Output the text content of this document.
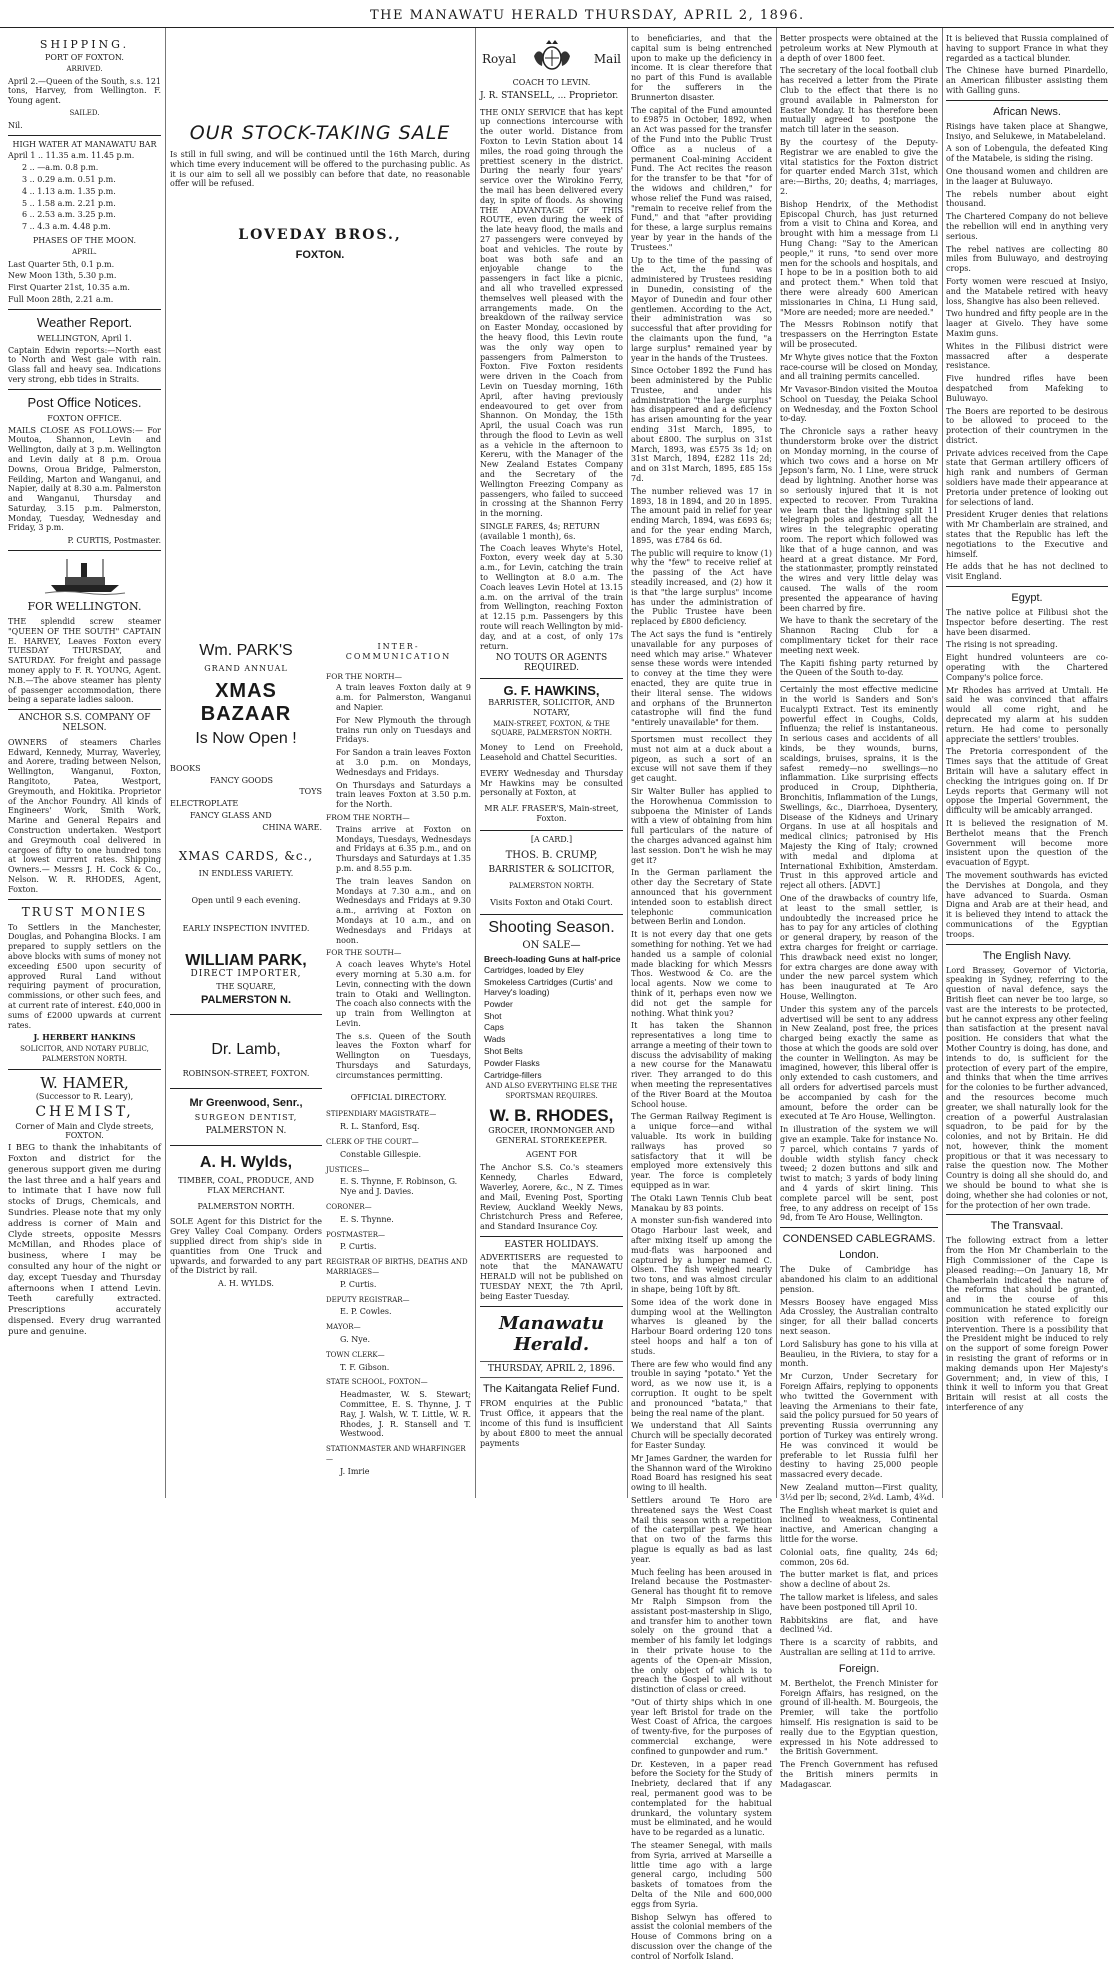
THE MANAWATU HERALD THURSDAY, APRIL 2, 1896.
SHIPPING.
PORT OF FOXTON.
ARRIVED.
April 2.—Queen of the South, s.s. 121 tons, Harvey, from Wellington. F. Young agent.
SAILED.
Nil.
HIGH WATER AT MANAWATU BAR
April 1 .. 11.35 a.m. 11.45 p.m.
2 .. —a.m. 0.8 p.m.
3 .. 0.29 a.m. 0.51 p.m.
4 .. 1.13 a.m. 1.35 p.m.
5 .. 1.58 a.m. 2.21 p.m.
6 .. 2.53 a.m. 3.25 p.m.
7 .. 4.3 a.m. 4.48 p.m.
PHASES OF THE MOON.
APRIL.
Last Quarter 5th, 0.1 p.m.
New Moon 13th, 5.30 p.m.
First Quarter 21st, 10.35 a.m.
Full Moon 28th, 2.21 a.m.
Weather Report.
WELLINGTON, April 1.
Captain Edwin reports:—North east to North and West gale with rain. Glass fall and heavy sea. Indications very strong, ebb tides in Straits.
Post Office Notices.
FOXTON OFFICE.
MAILS CLOSE AS FOLLOWS:— For Moutoa, Shannon, Levin and Wellington, daily at 3 p.m. Wellington and Levin daily at 8 p.m. Oroua Downs, Oroua Bridge, Palmerston, Feilding, Marton and Wanganui, and Napier, daily at 8.30 a.m. Palmerston and Wanganui, Thursday and Saturday, 3.15 p.m. Palmerston, Monday, Tuesday, Wednesday and Friday, 3 p.m.
P. CURTIS, Postmaster.
FOR WELLINGTON.
THE splendid screw steamer "QUEEN OF THE SOUTH" CAPTAIN E. HARVEY, Leaves Foxton every TUESDAY THURSDAY, and SATURDAY. For freight and passage money apply to F. R. YOUNG, Agent. N.B.—The above steamer has plenty of passenger accommodation, there being a separate ladies saloon.
ANCHOR S.S. COMPANY OF NELSON.
OWNERS of steamers Charles Edward, Kennedy, Murray, Waverley, and Aorere, trading between Nelson, Wellington, Wanganui, Foxton, Rangitoto, Patea, Westport, Greymouth, and Hokitika. Proprietor of the Anchor Foundry. All kinds of Engineers' Work, Smith Work, Marine and General Repairs and Construction undertaken. Westport and Greymouth coal delivered in cargoes of fifty to one hundred tons at lowest current rates. Shipping Owners.— Messrs J. H. Cock & Co., Nelson. W. R. RHODES, Agent, Foxton.
TRUST MONIES
To Settlers in the Manchester, Douglas, and Pohangina Blocks. I am prepared to supply settlers on the above blocks with sums of money not exceeding £500 upon security of approved Rural Land without requiring payment of procuration, commissions, or other such fees, and at current rate of interest. £40,000 in sums of £2000 upwards at current rates.
J. HERBERT HANKINS
SOLICITOR, AND NOTARY PUBLIC, PALMERSTON NORTH.
W. HAMER,
(Successor to R. Leary),
CHEMIST,
Corner of Main and Clyde streets, FOXTON.
I BEG to thank the inhabitants of Foxton and district for the generous support given me during the last three and a half years and to intimate that I have now full stocks of Drugs, Chemicals, and Sundries. Please note that my only address is corner of Main and Clyde streets, opposite Messrs McMillan, and Rhodes place of business, where I may be consulted any hour of the night or day, except Tuesday and Thursday afternoons when I attend Levin. Teeth carefully extracted. Prescriptions accurately dispensed. Every drug warranted pure and genuine.
OUR STOCK-TAKING SALE
Is still in full swing, and will be continued until the 16th March, during which time every inducement will be offered to the purchasing public. As it is our aim to sell all we possibly can before that date, no reasonable offer will be refused.
LOVEDAY BROS.,
FOXTON.
Wm. PARK'S
GRAND ANNUAL
XMAS BAZAAR
Is Now Open !
BOOKS
FANCY GOODS
TOYS
ELECTROPLATE
FANCY GLASS AND
CHINA WARE.
XMAS CARDS, &c.,
IN ENDLESS VARIETY.
Open until 9 each evening.
EARLY INSPECTION INVITED.
WILLIAM PARK,
DIRECT IMPORTER,
THE SQUARE,
PALMERSTON N.
Dr. Lamb,
ROBINSON-STREET, FOXTON.
Mr Greenwood, Senr.,
SURGEON DENTIST,
PALMERSTON N.
A. H. Wylds,
TIMBER, COAL, PRODUCE, AND FLAX MERCHANT.
PALMERSTON NORTH.
SOLE Agent for this District for the Grey Valley Coal Company. Orders supplied direct from ship's side in quantities from One Truck and upwards, and forwarded to any part of the District by rail.
A. H. WYLDS.
INTER-COMMUNICATION
FOR THE NORTH—
A train leaves Foxton daily at 9 a.m. for Palmerston, Wanganui and Napier.
For New Plymouth the through trains run only on Tuesdays and Fridays.
For Sandon a train leaves Foxton at 3.0 p.m. on Mondays, Wednesdays and Fridays.
On Thursdays and Saturdays a train leaves Foxton at 3.50 p.m. for the North.
FROM THE NORTH—
Trains arrive at Foxton on Mondays, Tuesdays, Wednesdays and Fridays at 6.35 p.m., and on Thursdays and Saturdays at 1.35 p.m. and 8.55 p.m.
The train leaves Sandon on Mondays at 7.30 a.m., and on Wednesdays and Fridays at 9.30 a.m., arriving at Foxton on Mondays at 10 a.m., and on Wednesdays and Fridays at noon.
FOR THE SOUTH—
A coach leaves Whyte's Hotel every morning at 5.30 a.m. for Levin, connecting with the down train to Otaki and Wellington. The coach also connects with the up train from Wellington at Levin.
The s.s. Queen of the South leaves the Foxton wharf for Wellington on Tuesdays, Thursdays and Saturdays, circumstances permitting.
OFFICIAL DIRECTORY.
STIPENDIARY MAGISTRATE—
R. L. Stanford, Esq.
CLERK OF THE COURT—
Constable Gillespie.
JUSTICES—
E. S. Thynne, F. Robinson, G. Nye and J. Davies.
CORONER—
E. S. Thynne.
POSTMASTER—
P. Curtis.
REGISTRAR OF BIRTHS, DEATHS AND MARRIAGES—
P. Curtis.
DEPUTY REGISTRAR—
E. P. Cowles.
MAYOR—
G. Nye.
TOWN CLERK—
T. F. Gibson.
STATE SCHOOL, FOXTON—
Headmaster, W. S. Stewart; Committee, E. S. Thynne, J. T Ray, J. Walsh, W. T. Little, W. R. Rhodes, J. R. Stansell and T. Westwood.
STATIONMASTER AND WHARFINGER—
J. Imrie
Royal	Mail
COACH TO LEVIN.
J. R. STANSELL, ... Proprietor.
THE ONLY SERVICE that has kept up connections intercourse with the outer world. Distance from Foxton to Levin Station about 14 miles, the road going through the prettiest scenery in the district. During the nearly four years' service over the Wirokino Ferry, the mail has been delivered every day, in spite of floods. As showing THE ADVANTAGE OF THIS ROUTE, even during the week of the late heavy flood, the mails and 27 passengers were conveyed by boat and vehicles. The route by boat was both safe and an enjoyable change to the passengers in fact like a picnic, and all who travelled expressed themselves well pleased with the arrangements made. On the breakdown of the railway service on Easter Monday, occasioned by the heavy flood, this Levin route was the only way open to passengers from Palmerston to Foxton. Five Foxton residents were driven in the Coach from Levin on Tuesday morning, 16th April, after having previously endeavoured to get over from Shannon. On Monday, the 15th April, the usual Coach was run through the flood to Levin as well as a vehicle in the afternoon to Kereru, with the Manager of the New Zealand Estates Company and the Secretary of the Wellington Freezing Company as passengers, who failed to succeed in crossing at the Shannon Ferry in the morning.
SINGLE FARES, 4s; RETURN (available 1 month), 6s.
The Coach leaves Whyte's Hotel, Foxton, every week day at 5.30 a.m., for Levin, catching the train to Wellington at 8.0 a.m. The Coach leaves Levin Hotel at 13.15 a.m. on the arrival of the train from Wellington, reaching Foxton at 12.15 p.m. Passengers by this route will reach Wellington by mid-day, and at a cost, of only 17s return.
NO TOUTS OR AGENTS REQUIRED.
G. F. HAWKINS,
BARRISTER, SOLICITOR, AND NOTARY,
MAIN-STREET, FOXTON, & THE SQUARE, PALMERSTON NORTH.
Money to Lend on Freehold, Leasehold and Chattel Securities.
EVERY Wednesday and Thursday Mr Hawkins may be consulted personally at Foxton, at
MR ALF. FRASER'S, Main-street, Foxton.
[A CARD.]
THOS. B. CRUMP,
BARRISTER & SOLICITOR,
PALMERSTON NORTH.
Visits Foxton and Otaki Court.
Shooting Season.
ON SALE—
Breech-loading Guns at half-price
Cartridges, loaded by Eley
Smokeless Cartridges (Curtis' and Harvey's loading)
Powder
Shot
Caps
Wads
Shot Belts
Powder Flasks
Cartridge-fillers
AND ALSO EVERYTHING ELSE THE SPORTSMAN REQUIRES.
W. B. RHODES,
GROCER, IRONMONGER AND GENERAL STOREKEEPER.
AGENT FOR
The Anchor S.S. Co.'s steamers Kennedy, Charles Edward, Waverley, Aorere, &c., N Z. Times and Mail, Evening Post, Sporting Review, Auckland Weekly News, Christchurch Press and Referee, and Standard Insurance Coy.
EASTER HOLIDAYS.
ADVERTISERS are requested to note that the MANAWATU HERALD will not be published on TUESDAY NEXT, the 7th April, being Easter Tuesday.
Manawatu Herald.
THURSDAY, APRIL 2, 1896.
The Kaitangata Relief Fund.
FROM enquiries at the Public Trust Office, it appears that the income of this fund is insufficient by about £800 to meet the annual payments
to beneficiaries, and that the capital sum is being entrenched upon to make up the deficiency in income. It is clear therefore that no part of this Fund is available for the sufferers in the Brunnerton disaster.
The capital of the Fund amounted to £9875 in October, 1892, when an Act was passed for the transfer of the Fund into the Public Trust Office as a nucleus of a permanent Coal-mining Accident Fund. The Act recites the reason for the transfer to be that "for of the widows and children," for whose relief the Fund was raised, "remain to receive relief from the Fund," and that "after providing for these, a large surplus remains year by year in the hands of the Trustees."
Up to the time of the passing of the Act, the fund was administered by Trustees residing in Dunedin, consisting of the Mayor of Dunedin and four other gentlemen. According to the Act, their administration was so successful that after providing for the claimants upon the fund, "a large surplus" remained year by year in the hands of the Trustees.
Since October 1892 the Fund has been administered by the Public Trustee, and under his administration "the large surplus" has disappeared and a deficiency has arisen amounting for the year ending 31st March, 1895, to about £800. The surplus on 31st March, 1893, was £575 3s 1d; on 31st March, 1894, £282 11s 2d; and on 31st March, 1895, £85 15s 7d.
The number relieved was 17 in 1893, 18 in 1894, and 20 in 1895. The amount paid in relief for year ending March, 1894, was £693 6s; and for the year ending March, 1895, was £784 6s 6d.
The public will require to know (1) why the "few" to receive relief at the passing of the Act have steadily increased, and (2) how it is that "the large surplus" income has under the administration of the Public Trustee have been replaced by £800 deficiency.
The Act says the fund is "entirely unavailable for any purposes of need which may arise." Whatever sense these words were intended to convey at the time they were enacted, they are quite true in their literal sense. The widows and orphans of the Brunnerton catastrophe will find the fund "entirely unavailable" for them.
Sportsmen must recollect they must not aim at a duck about a pigeon, as such a sort of an excuse will not save them if they get caught.
Sir Walter Buller has applied to the Horowhenua Commission to subpoena the Minister of Lands with a view of obtaining from him full particulars of the nature of the charges advanced against him last session. Don't he wish he may get it?
In the German parliament the other day the Secretary of State announced that his government intended soon to establish direct telephonic communication between Berlin and London.
It is not every day that one gets something for nothing. Yet we had handed us a sample of colonial made blacking for which Messrs Thos. Westwood & Co. are the local agents. Now we come to think of it, perhaps even now we did not get the sample for nothing. What think you?
It has taken the Shannon representatives a long time to arrange a meeting of their town to discuss the advisability of making a new course for the Manawatu river. They arranged to do this when meeting the representatives of the River Board at the Moutoa School house.
The German Railway Regiment is a unique force—and withal valuable. Its work in building railways has proved so satisfactory that it will be employed more extensively this year. The force is completely equipped as in war.
The Otaki Lawn Tennis Club beat Manakau by 83 points.
A monster sun-fish wandered into Otago Harbour last week, and after mixing itself up among the mud-flats was harpooned and captured by a lumper named C. Olsen. The fish weighed nearly two tons, and was almost circular in shape, being 10ft by 8ft.
Some idea of the work done in dumping wool at the Wellington wharves is gleaned by the Harbour Board ordering 120 tons steel hoops and half a ton of studs.
There are few who would find any trouble in saying "potato." Yet the word, as we now use it, is a corruption. It ought to be spelt and pronounced "batata," that being the real name of the plant.
We understand that All Saints Church will be specially decorated for Easter Sunday.
Mr James Gardner, the warden for the Shannon ward of the Wirokino Road Board has resigned his seat owing to ill health.
Settlers around Te Horo are threatened says the West Coast Mail this season with a repetition of the caterpillar pest. We hear that on two of the farms this plague is equally as bad as last year.
Much feeling has been aroused in Ireland because the Postmaster-General has thought fit to remove Mr Ralph Simpson from the assistant post-mastership in Sligo, and transfer him to another town solely on the ground that a member of his family let lodgings in their private house to the agents of the Open-air Mission, the only object of which is to preach the Gospel to all without distinction of class or creed.
"Out of thirty ships which in one year left Bristol for trade on the West Coast of Africa, the cargoes of twenty-five, for the purposes of commercial exchange, were confined to gunpowder and rum."
Dr. Kesteven, in a paper read before the Society for the Study of Inebriety, declared that if any real, permanent good was to be contemplated for the habitual drunkard, the voluntary system must be eliminated, and he would have to be regarded as a lunatic.
The steamer Senegal, with mails from Syria, arrived at Marseille a little time ago with a large general cargo, including 500 baskets of tomatoes from the Delta of the Nile and 600,000 eggs from Syria.
Bishop Selwyn has offered to assist the colonial members of the House of Commons bring on a discussion over the change of the control of Norfolk Island.
Better prospects were obtained at the petroleum works at New Plymouth at a depth of over 1800 feet.
The secretary of the local football club has received a letter from the Pirate Club to the effect that there is no ground available in Palmerston for Easter Monday. It has therefore been mutually agreed to postpone the match till later in the season.
By the courtesy of the Deputy-Registrar we are enabled to give the vital statistics for the Foxton district for quarter ended March 31st, which are:—Births, 20; deaths, 4; marriages, 2.
Bishop Hendrix, of the Methodist Episcopal Church, has just returned from a visit to China and Korea, and brought with him a message from Li Hung Chang: "Say to the American people," it runs, "to send over more men for the schools and hospitals, and I hope to be in a position both to aid and protect them." When told that there were already 600 American missionaries in China, Li Hung said, "More are needed; more are needed."
The Messrs Robinson notify that trespassers on the Herrington Estate will be prosecuted.
Mr Whyte gives notice that the Foxton race-course will be closed on Monday, and all training permits cancelled.
Mr Vavasor-Bindon visited the Moutoa School on Tuesday, the Peiaka School on Wednesday, and the Foxton School to-day.
The Chronicle says a rather heavy thunderstorm broke over the district on Monday morning, in the course of which two cows and a horse on Mr Jepson's farm, No. 1 Line, were struck dead by lightning. Another horse was so seriously injured that it is not expected to recover. From Turakina we learn that the lightning split 11 telegraph poles and destroyed all the wires in the telegraphic operating room. The report which followed was like that of a huge cannon, and was heard at a great distance. Mr Ford, the stationmaster, promptly reinstated the wires and very little delay was caused. The walls of the room presented the appearance of having been charred by fire.
We have to thank the secretary of the Shannon Racing Club for a complimentary ticket for their race meeting next week.
The Kapiti fishing party returned by the Queen of the South to-day.
Certainly the most effective medicine in the world is Sanders and Son's Eucalypti Extract. Test its eminently powerful effect in Coughs, Colds, Influenza; the relief is instantaneous. In serious cases and accidents of all kinds, be they wounds, burns, scaldings, bruises, sprains, it is the safest remedy—no swellings—no inflammation. Like surprising effects produced in Croup, Diphtheria, Bronchitis, Inflammation of the Lungs, Swellings, &c., Diarrhoea, Dysentery, Disease of the Kidneys and Urinary Organs. In use at all hospitals and medical clinics; patronised by His Majesty the King of Italy; crowned with medal and diploma at International Exhibition, Amsterdam. Trust in this approved article and reject all others. [ADVT.]
One of the drawbacks of country life, at least to the small settler, is undoubtedly the increased price he has to pay for any articles of clothing or general drapery, by reason of the extra charges for freight or carriage. This drawback need exist no longer, for extra charges are done away with under the new parcel system which has been inaugurated at Te Aro House, Wellington.
Under this system any of the parcels advertised will be sent to any address in New Zealand, post free, the prices charged being exactly the same as those at which the goods are sold over the counter in Wellington. As may be imagined, however, this liberal offer is only extended to cash customers, and all orders for advertised parcels must be accompanied by cash for the amount, before the order can be executed at Te Aro House, Wellington.
In illustration of the system we will give an example. Take for instance No. 7 parcel, which contains 7 yards of double width stylish fancy check tweed; 2 dozen buttons and silk and twist to match; 3 yards of body lining and 4 yards of skirt lining. This complete parcel will be sent, post free, to any address on receipt of 15s 9d, from Te Aro House, Wellington.
CONDENSED CABLEGRAMS.
London.
The Duke of Cambridge has abandoned his claim to an additional pension.
Messrs Boosey have engaged Miss Ada Crossley, the Australian contralto singer, for all their ballad concerts next season.
Lord Salisbury has gone to his villa at Beaulieu, in the Riviera, to stay for a month.
Mr Curzon, Under Secretary for Foreign Affairs, replying to opponents who twitted the Government with leaving the Armenians to their fate, said the policy pursued for 50 years of preventing Russia overrunning any portion of Turkey was entirely wrong. He was convinced it would be preferable to let Russia fulfil her destiny to having 25,000 people massacred every decade.
New Zealand mutton—First quality, 3½d per lb; second, 2¾d. Lamb, 4¾d.
The English wheat market is quiet and inclined to weakness, Continental inactive, and American changing a little for the worse.
Colonial oats, fine quality, 24s 6d; common, 20s 6d.
The butter market is flat, and prices show a decline of about 2s.
The tallow market is lifeless, and sales have been postponed till April 10.
Rabbitskins are flat, and have declined ¼d.
There is a scarcity of rabbits, and Australian are selling at 11d to arrive.
Foreign.
M. Berthelot, the French Minister for Foreign Affairs, has resigned, on the ground of ill-health. M. Bourgeois, the Premier, will take the portfolio himself. His resignation is said to be really due to the Egyptian question, expressed in his Note addressed to the British Government.
The French Government has refused the British miners permits in Madagascar.
It is believed that Russia complained of having to support France in what they regarded as a tactical blunder.
The Chinese have burned Pinardello, an American filibuster assisting them with Galling guns.
African News.
Risings have taken place at Shangwe, Insiyo, and Selukewe, in Matabeleland.
A son of Lobengula, the defeated King of the Matabele, is siding the rising.
One thousand women and children are in the laager at Buluwayo.
The rebels number about eight thousand.
The Chartered Company do not believe the rebellion will end in anything very serious.
The rebel natives are collecting 80 miles from Buluwayo, and destroying crops.
Forty women were rescued at Insiyo, and the Matabele retired with heavy loss, Shangive has also been relieved.
Two hundred and fifty people are in the laager at Givelo. They have some Maxim guns.
Whites in the Filibusi district were massacred after a desperate resistance.
Five hundred rifles have been despatched from Mafeking to Buluwayo.
The Boers are reported to be desirous to be allowed to proceed to the protection of their countrymen in the district.
Private advices received from the Cape state that German artillery officers of high rank and numbers of German soldiers have made their appearance at Pretoria under pretence of looking out for selections of land.
President Kruger denies that relations with Mr Chamberlain are strained, and states that the Republic has left the negotiations to the Executive and himself.
He adds that he has not declined to visit England.
Egypt.
The native police at Filibusi shot the Inspector before deserting. The rest have been disarmed.
The rising is not spreading.
Eight hundred volunteers are co-operating with the Chartered Company's police force.
Mr Rhodes has arrived at Umtali. He said he was convinced that affairs would all come right, and he deprecated my alarm at his sudden return. He had come to personally appreciate the settlers' troubles.
The Pretoria correspondent of the Times says that the attitude of Great Britain will have a salutary effect in checking the intrigues going on. If Dr Leyds reports that Germany will not oppose the Imperial Government, the difficulty will be amicably arranged.
It is believed the resignation of M. Berthelot means that the French Government will become more insistent upon the question of the evacuation of Egypt.
The movement southwards has evicted the Dervishes at Dongola, and they have advanced to Suarda. Osman Digna and Arab are at their head, and it is believed they intend to attack the communications of the Egyptian troops.
The English Navy.
Lord Brassey, Governor of Victoria, speaking in Sydney, referring to the question of naval defence, says the British fleet can never be too large, so vast are the interests to be protected, but he cannot express any other feeling than satisfaction at the present naval position. He considers that what the Mother Country is doing, has done, and intends to do, is sufficient for the protection of every part of the empire, and thinks that when the time arrives for the colonies to be further advanced, and the resources become much greater, we shall naturally look for the creation of a powerful Australasian squadron, to be paid for by the colonies, and not by Britain. He did not, however, think the moment propitious or that it was necessary to raise the question now. The Mother Country is doing all she should do, and we should be bound to what she is doing, whether she had colonies or not, for the protection of her own trade.
The Transvaal.
The following extract from a letter from the Hon Mr Chamberlain to the High Commissioner of the Cape is pleased reading:—On January 18, Mr Chamberlain indicated the nature of the reforms that should be granted, and in the course of this communication he stated explicitly our position with reference to foreign intervention. There is a possibility that the President might be induced to rely on the support of some foreign Power in resisting the grant of reforms or in making demands upon Her Majesty's Government; and, in view of this, I think it well to inform you that Great Britain will resist at all costs the interference of any
